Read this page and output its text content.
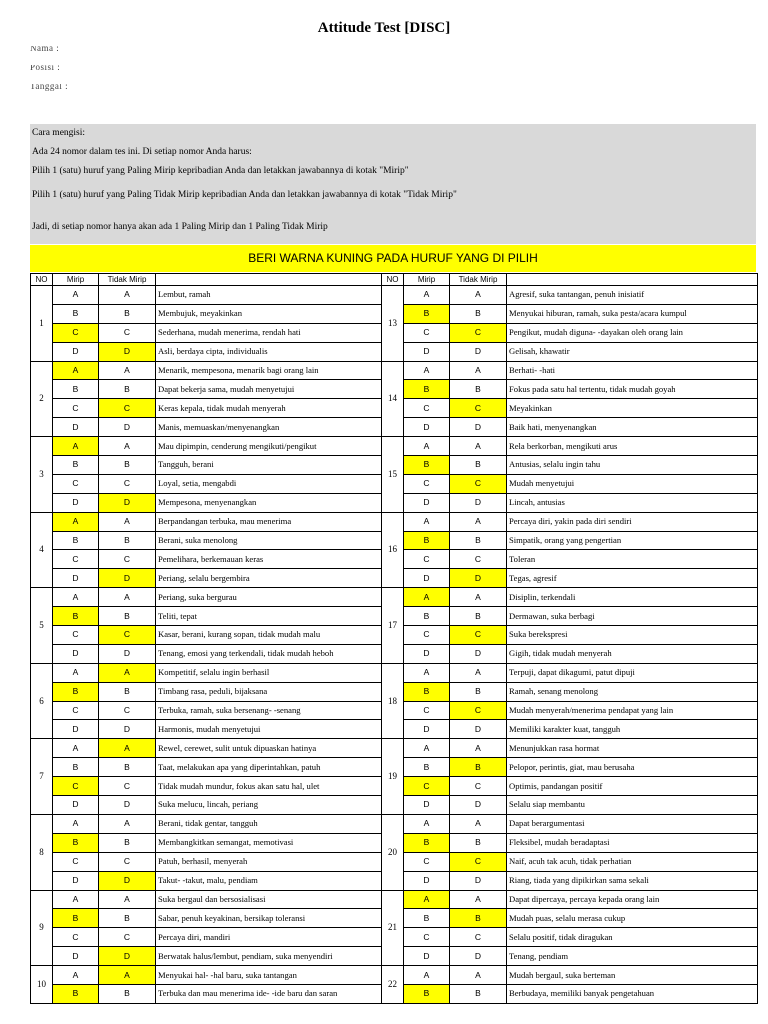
Attitude Test [DISC]
Nama :
Posisi :
Tanggal :
Cara mengisi:
Ada 24 nomor dalam tes ini. Di setiap nomor Anda harus:
Pilih 1 (satu) huruf yang Paling Mirip kepribadian Anda dan letakkan jawabannya di kotak "Mirip"
Pilih 1 (satu) huruf yang Paling Tidak Mirip kepribadian Anda dan letakkan jawabannya di kotak "Tidak Mirip"
Jadi, di setiap nomor hanya akan ada 1 Paling Mirip dan 1 Paling Tidak Mirip
BERI WARNA KUNING PADA HURUF YANG DI PILIH
NO	Mirip	Tidak Mirip		NO	Mirip	Tidak Mirip	
1	A	A	Lembut, ramah	13	A	A	Agresif, suka tantangan, penuh inisiatif
	B	B	Membujuk, meyakinkan		B	B	Menyukai hiburan, ramah, suka pesta/acara kumpul
	C	C	Sederhana, mudah menerima, rendah hati		C	C	Pengikut, mudah diguna- -dayakan oleh orang lain
	D	D	Asli, berdaya cipta, individualis		D	D	Gelisah, khawatir
2	A	A	Menarik, mempesona, menarik bagi orang lain	14	A	A	Berhati- -hati
	B	B	Dapat bekerja sama, mudah menyetujui		B	B	Fokus pada satu hal tertentu, tidak mudah goyah
	C	C	Keras kepala, tidak mudah menyerah		C	C	Meyakinkan
	D	D	Manis, memuaskan/menyenangkan		D	D	Baik hati, menyenangkan
3	A	A	Mau dipimpin, cenderung mengikuti/pengikut	15	A	A	Rela berkorban, mengikuti arus
	B	B	Tangguh, berani		B	B	Antusias, selalu ingin tahu
	C	C	Loyal, setia, mengabdi		C	C	Mudah menyetujui
	D	D	Mempesona, menyenangkan		D	D	Lincah, antusias
4	A	A	Berpandangan terbuka, mau menerima	16	A	A	Percaya diri, yakin pada diri sendiri
	B	B	Berani, suka menolong		B	B	Simpatik, orang yang pengertian
	C	C	Pemelihara, berkemauan keras		C	C	Toleran
	D	D	Periang, selalu bergembira		D	D	Tegas, agresif
5	A	A	Periang, suka bergurau	17	A	A	Disiplin, terkendali
	B	B	Teliti, tepat		B	B	Dermawan, suka berbagi
	C	C	Kasar, berani, kurang sopan, tidak mudah malu		C	C	Suka berekspresi
	D	D	Tenang, emosi yang terkendali, tidak mudah heboh		D	D	Gigih, tidak mudah menyerah
6	A	A	Kompetitif, selalu ingin berhasil	18	A	A	Terpuji, dapat dikagumi, patut dipuji
	B	B	Timbang rasa, peduli, bijaksana		B	B	Ramah, senang menolong
	C	C	Terbuka, ramah, suka bersenang- -senang		C	C	Mudah menyerah/menerima pendapat yang lain
	D	D	Harmonis, mudah menyetujui		D	D	Memiliki karakter kuat, tangguh
7	A	A	Rewel, cerewet, sulit untuk dipuaskan hatinya	19	A	A	Menunjukkan rasa hormat
	B	B	Taat, melakukan apa yang diperintahkan, patuh		B	B	Pelopor, perintis, giat, mau berusaha
	C	C	Tidak mudah mundur, fokus akan satu hal, ulet		C	C	Optimis, pandangan positif
	D	D	Suka melucu, lincah, periang		D	D	Selalu siap membantu
8	A	A	Berani, tidak gentar, tangguh	20	A	A	Dapat berargumentasi
	B	B	Membangkitkan semangat, memotivasi		B	B	Fleksibel, mudah beradaptasi
	C	C	Patuh, berhasil, menyerah		C	C	Naif, acuh tak acuh, tidak perhatian
	D	D	Takut- -takut, malu, pendiam		D	D	Riang, tiada yang dipikirkan sama sekali
9	A	A	Suka bergaul dan bersosialisasi	21	A	A	Dapat dipercaya, percaya kepada orang lain
	B	B	Sabar, penuh keyakinan, bersikap toleransi		B	B	Mudah puas, selalu merasa cukup
	C	C	Percaya diri, mandiri		C	C	Selalu positif, tidak diragukan
	D	D	Berwatak halus/lembut, pendiam, suka menyendiri		D	D	Tenang, pendiam
10	A	A	Menyukai hal- -hal baru, suka tantangan	22	A	A	Mudah bergaul, suka berteman
	B	B	Terbuka dan mau menerima ide- -ide baru dan saran		B	B	Berbudaya, memiliki banyak pengetahuan
